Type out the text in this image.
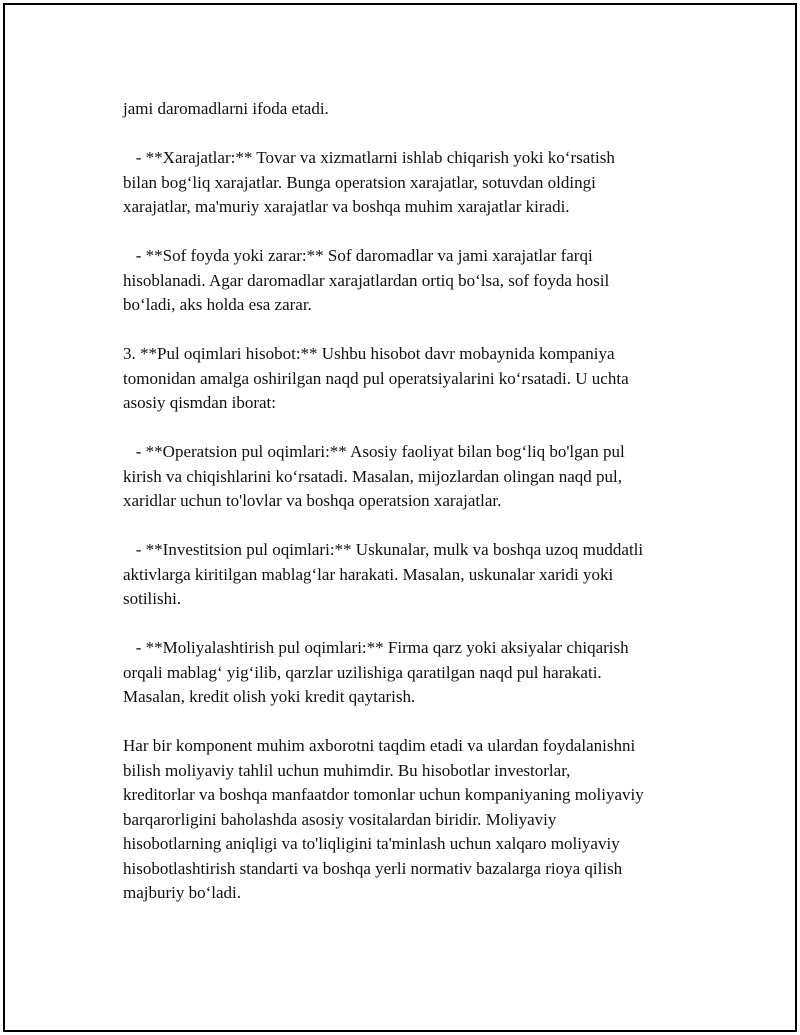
jami daromadlarni ifoda etadi.
- **Xarajatlar:** Tovar va xizmatlarni ishlab chiqarish yoki ko‘rsatish
bilan bog‘liq xarajatlar. Bunga operatsion xarajatlar, sotuvdan oldingi
xarajatlar, ma'muriy xarajatlar va boshqa muhim xarajatlar kiradi.
- **Sof foyda yoki zarar:** Sof daromadlar va jami xarajatlar farqi
hisoblanadi. Agar daromadlar xarajatlardan ortiq bo‘lsa, sof foyda hosil
bo‘ladi, aks holda esa zarar.
3. **Pul oqimlari hisobot:** Ushbu hisobot davr mobaynida kompaniya
tomonidan amalga oshirilgan naqd pul operatsiyalarini ko‘rsatadi. U uchta
asosiy qismdan iborat:
- **Operatsion pul oqimlari:** Asosiy faoliyat bilan bog‘liq bo'lgan pul
kirish va chiqishlarini ko‘rsatadi. Masalan, mijozlardan olingan naqd pul,
xaridlar uchun to'lovlar va boshqa operatsion xarajatlar.
- **Investitsion pul oqimlari:** Uskunalar, mulk va boshqa uzoq muddatli
aktivlarga kiritilgan mablag‘lar harakati. Masalan, uskunalar xaridi yoki
sotilishi.
- **Moliyalashtirish pul oqimlari:** Firma qarz yoki aksiyalar chiqarish
orqali mablag‘ yig‘ilib, qarzlar uzilishiga qaratilgan naqd pul harakati.
Masalan, kredit olish yoki kredit qaytarish.
Har bir komponent muhim axborotni taqdim etadi va ulardan foydalanishni
bilish moliyaviy tahlil uchun muhimdir. Bu hisobotlar investorlar,
kreditorlar va boshqa manfaatdor tomonlar uchun kompaniyaning moliyaviy
barqarorligini baholashda asosiy vositalardan biridir. Moliyaviy
hisobotlarning aniqligi va to'liqligini ta'minlash uchun xalqaro moliyaviy
hisobotlashtirish standarti va boshqa yerli normativ bazalarga rioya qilish
majburiy bo‘ladi.
